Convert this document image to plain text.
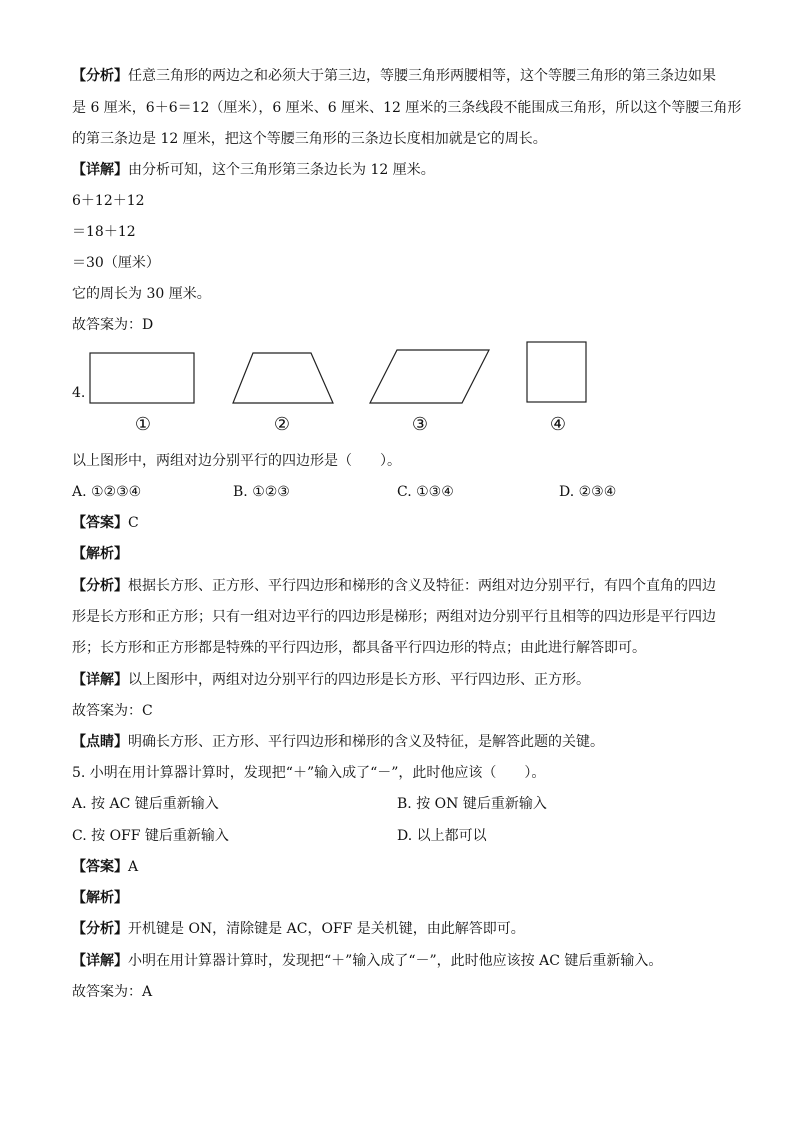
【分析】任意三角形的两边之和必须大于第三边，等腰三角形两腰相等，这个等腰三角形的第三条边如果
是 6 厘米，6＋6＝12（厘米），6 厘米、6 厘米、12 厘米的三条线段不能围成三角形，所以这个等腰三角形
的第三条边是 12 厘米，把这个等腰三角形的三条边长度相加就是它的周长。
【详解】由分析可知，这个三角形第三条边长为 12 厘米。
6＋12＋12
＝18＋12
＝30（厘米）
它的周长为 30 厘米。
故答案为：D
4.
①	②	③	④
以上图形中，两组对边分别平行的四边形是（　　）。
A. ①②③④	B. ①②③	C. ①③④	D. ②③④
【答案】C
【解析】
【分析】根据长方形、正方形、平行四边形和梯形的含义及特征：两组对边分别平行，有四个直角的四边
形是长方形和正方形；只有一组对边平行的四边形是梯形；两组对边分别平行且相等的四边形是平行四边
形；长方形和正方形都是特殊的平行四边形，都具备平行四边形的特点；由此进行解答即可。
【详解】以上图形中，两组对边分别平行的四边形是长方形、平行四边形、正方形。
故答案为：C
【点睛】明确长方形、正方形、平行四边形和梯形的含义及特征，是解答此题的关键。
5. 小明在用计算器计算时，发现把“＋”输入成了“－”，此时他应该（　　）。
A. 按 AC 键后重新输入	B. 按 ON 键后重新输入
C. 按 OFF 键后重新输入	D. 以上都可以
【答案】A
【解析】
【分析】开机键是 ON，清除键是 AC，OFF 是关机键，由此解答即可。
【详解】小明在用计算器计算时，发现把“＋”输入成了“－”，此时他应该按 AC 键后重新输入。
故答案为：A
